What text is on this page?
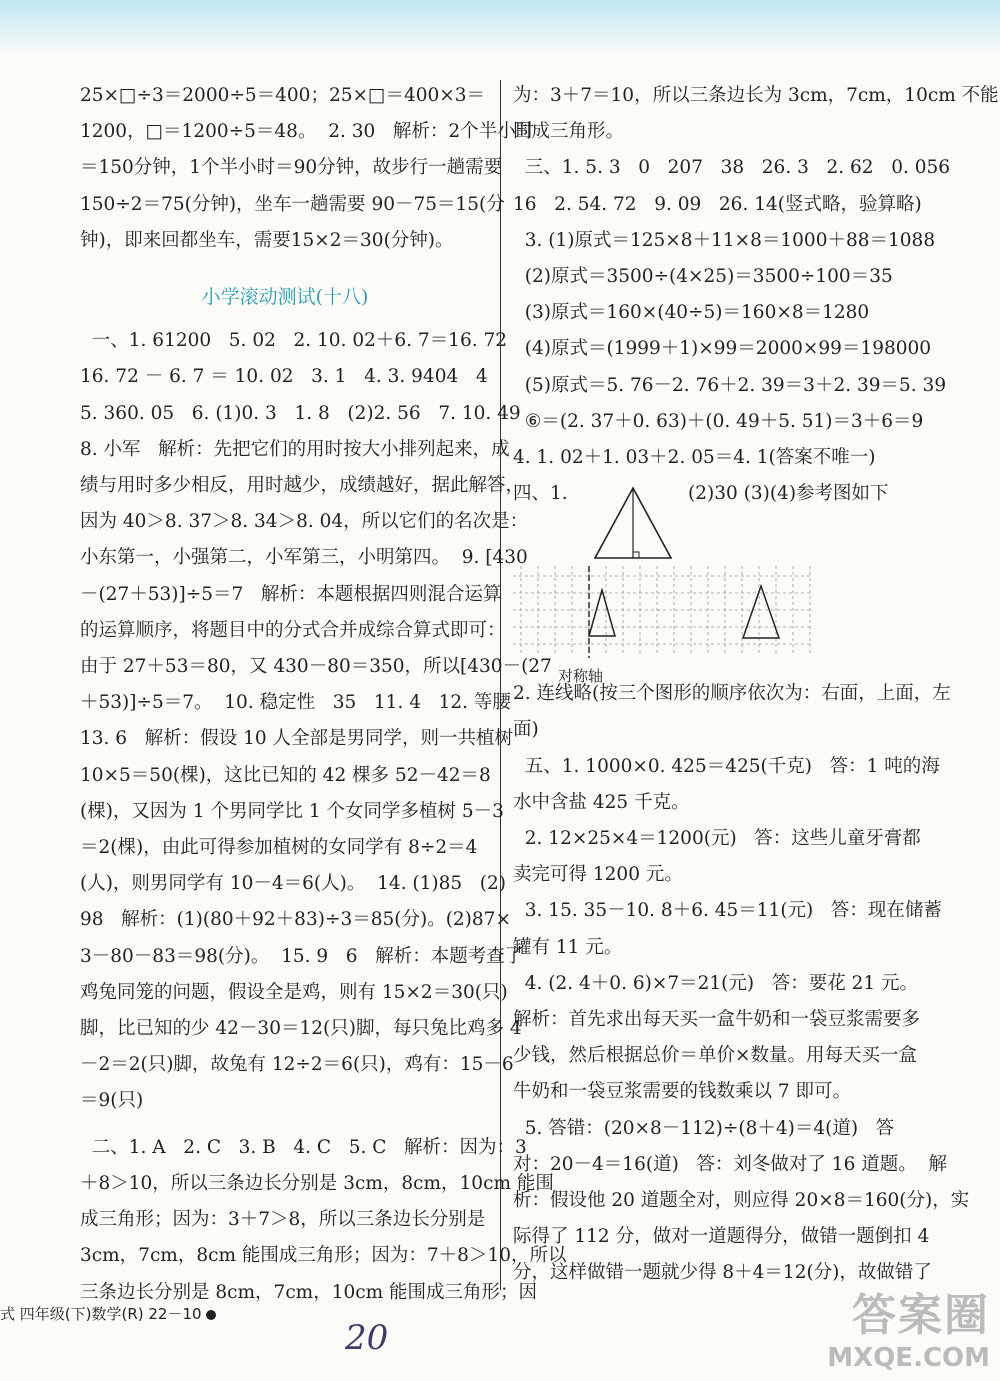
25×□÷3＝2000÷5＝400；25×□＝400×3＝

1200，□＝1200÷5＝48。  2. 30   解析：2个半小时

＝150分钟，1个半小时＝90分钟，故步行一趟需要

150÷2＝75(分钟)，坐车一趟需要 90－75＝15(分

钟)，即来回都坐车，需要15×2＝30(分钟)。

小学滚动测试(十八)

一、1. 61200   5. 02   2. 10. 02＋6. 7＝16. 72

16. 72 － 6. 7 ＝ 10. 02   3. 1   4. 3. 9404   4

5. 360. 05   6. (1)0. 3   1. 8   (2)2. 56   7. 10. 49

8. 小军   解析：先把它们的用时按大小排列起来，成

绩与用时多少相反，用时越少，成绩越好，据此解答，

因为 40＞8. 37＞8. 34＞8. 04，所以它们的名次是：

小东第一，小强第二，小军第三，小明第四。  9. [430

－(27＋53)]÷5＝7   解析：本题根据四则混合运算

的运算顺序，将题目中的分式合并成综合算式即可：

由于 27＋53＝80，又 430－80＝350，所以[430－(27

＋53)]÷5＝7。  10. 稳定性   35   11. 4   12. 等腰

13. 6   解析：假设 10 人全部是男同学，则一共植树

10×5＝50(棵)，这比已知的 42 棵多 52－42＝8

(棵)，又因为 1 个男同学比 1 个女同学多植树 5－3

＝2(棵)，由此可得参加植树的女同学有 8÷2＝4

(人)，则男同学有 10－4＝6(人)。  14. (1)85   (2)

98   解析：(1)(80＋92＋83)÷3＝85(分)。(2)87×

3－80－83＝98(分)。  15. 9   6   解析：本题考查了

鸡兔同笼的问题，假设全是鸡，则有 15×2＝30(只)

脚，比已知的少 42－30＝12(只)脚，每只兔比鸡多 4

－2＝2(只)脚，故兔有 12÷2＝6(只)，鸡有：15－6

＝9(只)

二、1. A   2. C   3. B   4. C   5. C   解析：因为：3

＋8＞10，所以三条边长分别是 3cm，8cm，10cm 能围

成三角形；因为：3＋7＞8，所以三条边长分别是

3cm，7cm，8cm 能围成三角形；因为：7＋8＞10，所以

三条边长分别是 8cm，7cm，10cm 能围成三角形；因

为：3＋7＝10，所以三条边长为 3cm，7cm，10cm 不能

围成三角形。

三、1. 5. 3   0   207   38   26. 3   2. 62   0. 056

16   2. 54. 72   9. 09   26. 14(竖式略，验算略)

3. (1)原式＝125×8＋11×8＝1000＋88＝1088

(2)原式＝3500÷(4×25)＝3500÷100＝35

(3)原式＝160×(40÷5)＝160×8＝1280

(4)原式＝(1999＋1)×99＝2000×99＝198000

(5)原式＝5. 76－2. 76＋2. 39＝3＋2. 39＝5. 39

⑥＝(2. 37＋0. 63)＋(0. 49＋5. 51)＝3＋6＝9

4. 1. 02＋1. 03＋2. 05＝4. 1(答案不唯一)

四、1.	(2)30 (3)(4)参考图如下
对称轴

2. 连线略(按三个图形的顺序依次为：右面，上面，左

面)

五、1. 1000×0. 425＝425(千克)   答：1 吨的海

水中含盐 425 千克。

2. 12×25×4＝1200(元)   答：这些儿童牙膏都

卖完可得 1200 元。

3. 15. 35－10. 8＋6. 45＝11(元)   答：现在储蓄

罐有 11 元。

4. (2. 4＋0. 6)×7＝21(元)   答：要花 21 元。

解析：首先求出每天买一盒牛奶和一袋豆浆需要多

少钱，然后根据总价＝单价×数量。用每天买一盒

牛奶和一袋豆浆需要的钱数乘以 7 即可。

5. 答错：(20×8－112)÷(8＋4)＝4(道)   答

对：20－4＝16(道)   答：刘冬做对了 16 道题。  解

析：假设他 20 道题全对，则应得 20×8＝160(分)，实

际得了 112 分，做对一道题得分，做错一题倒扣 4

分，这样做错一题就少得 8＋4＝12(分)，故做错了

式 四年级(下)数学(R) 22－10
20	答案圈
MXQE.COM
